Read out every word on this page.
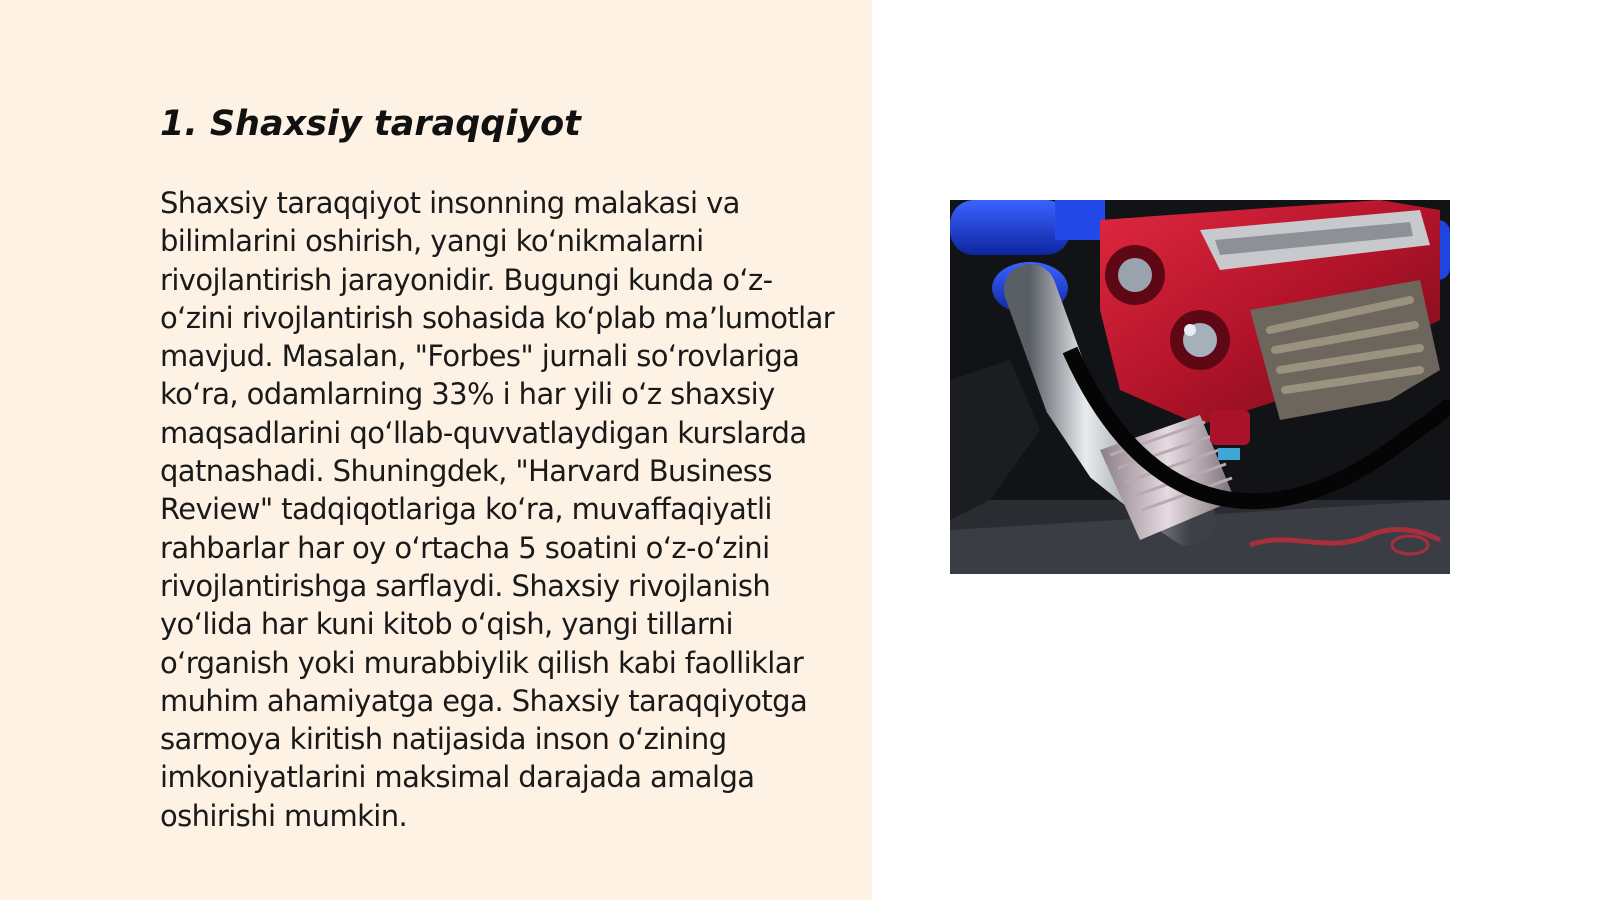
1. Shaxsiy taraqqiyot

Shaxsiy taraqqiyot insonning malakasi va bilimlarini oshirish, yangi koʻnikmalarni rivojlantirish jarayonidir. Bugungi kunda oʻz-oʻzini rivojlantirish sohasida koʻplab maʼlumotlar mavjud. Masalan, "Forbes" jurnali soʻrovlariga koʻra, odamlarning 33% i har yili oʻz shaxsiy maqsadlarini qoʻllab-quvvatlaydigan kurslarda qatnashadi. Shuningdek, "Harvard Business Review" tadqiqotlariga koʻra, muvaffaqiyatli rahbarlar har oy oʻrtacha 5 soatini oʻz-oʻzini rivojlantirishga sarflaydi. Shaxsiy rivojlanish yoʻlida har kuni kitob oʻqish, yangi tillarni oʻrganish yoki murabbiylik qilish kabi faolliklar muhim ahamiyatga ega. Shaxsiy taraqqiyotga sarmoya kiritish natijasida inson oʻzining imkoniyatlarini maksimal darajada amalga oshirishi mumkin.
